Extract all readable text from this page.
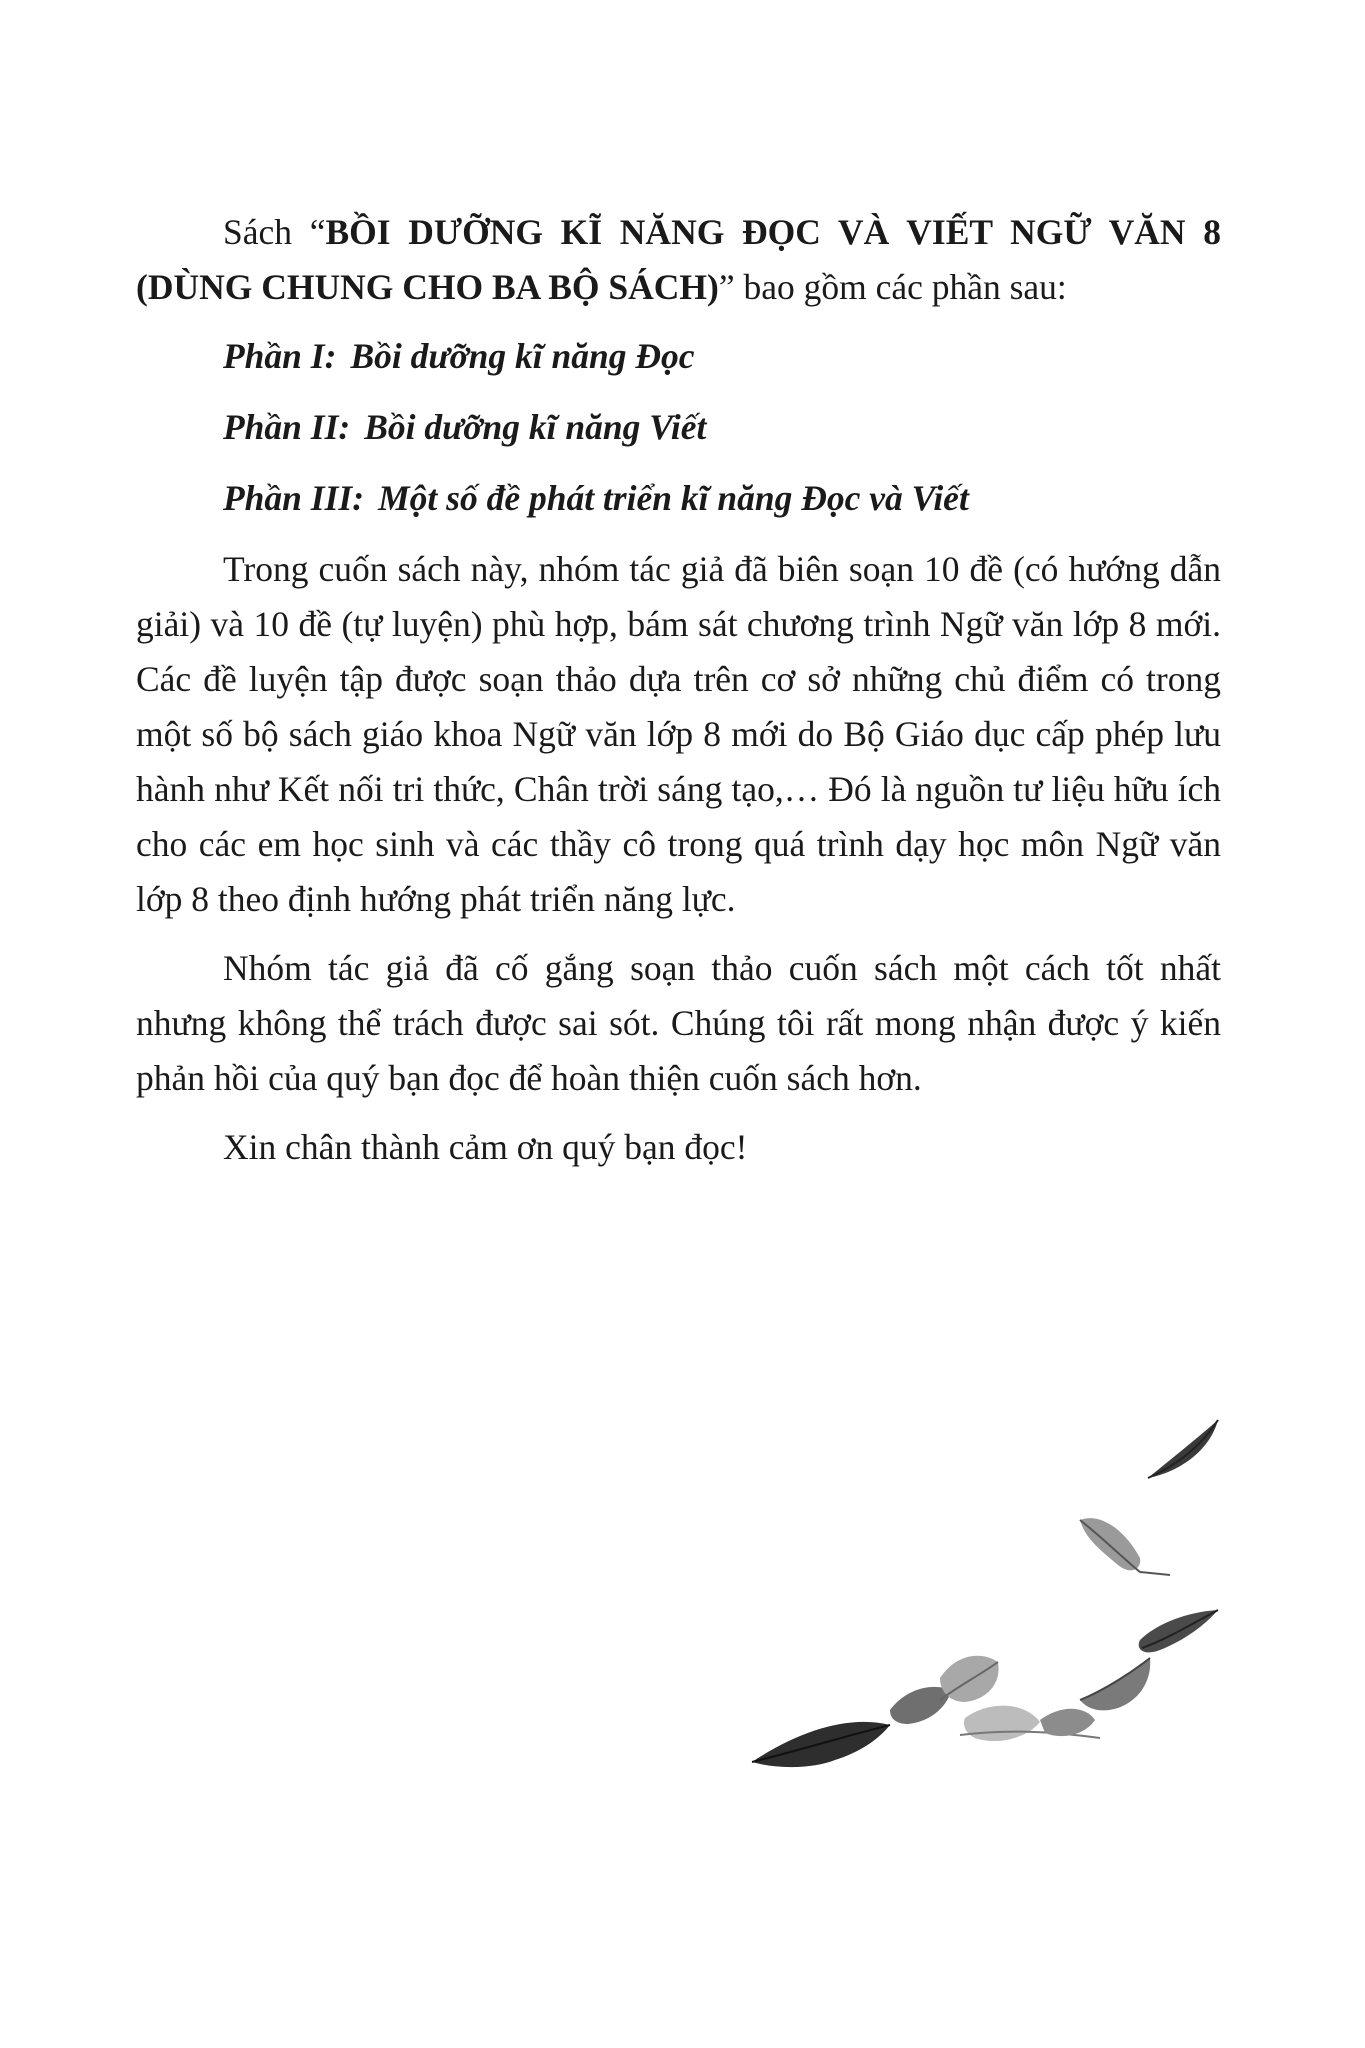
Sách “BỒI DƯỠNG KĨ NĂNG ĐỌC VÀ VIẾT NGỮ VĂN 8 (DÙNG CHUNG CHO BA BỘ SÁCH)” bao gồm các phần sau:

Phần I: Bồi dưỡng kĩ năng Đọc
Phần II: Bồi dưỡng kĩ năng Viết
Phần III: Một số đề phát triển kĩ năng Đọc và Viết

Trong cuốn sách này, nhóm tác giả đã biên soạn 10 đề (có hướng dẫn giải) và 10 đề (tự luyện) phù hợp, bám sát chương trình Ngữ văn lớp 8 mới. Các đề luyện tập được soạn thảo dựa trên cơ sở những chủ điểm có trong một số bộ sách giáo khoa Ngữ văn lớp 8 mới do Bộ Giáo dục cấp phép lưu hành như Kết nối tri thức, Chân trời sáng tạo,… Đó là nguồn tư liệu hữu ích cho các em học sinh và các thầy cô trong quá trình dạy học môn Ngữ văn lớp 8 theo định hướng phát triển năng lực.

Nhóm tác giả đã cố gắng soạn thảo cuốn sách một cách tốt nhất nhưng không thể trách được sai sót. Chúng tôi rất mong nhận được ý kiến phản hồi của quý bạn đọc để hoàn thiện cuốn sách hơn.

Xin chân thành cảm ơn quý bạn đọc!
